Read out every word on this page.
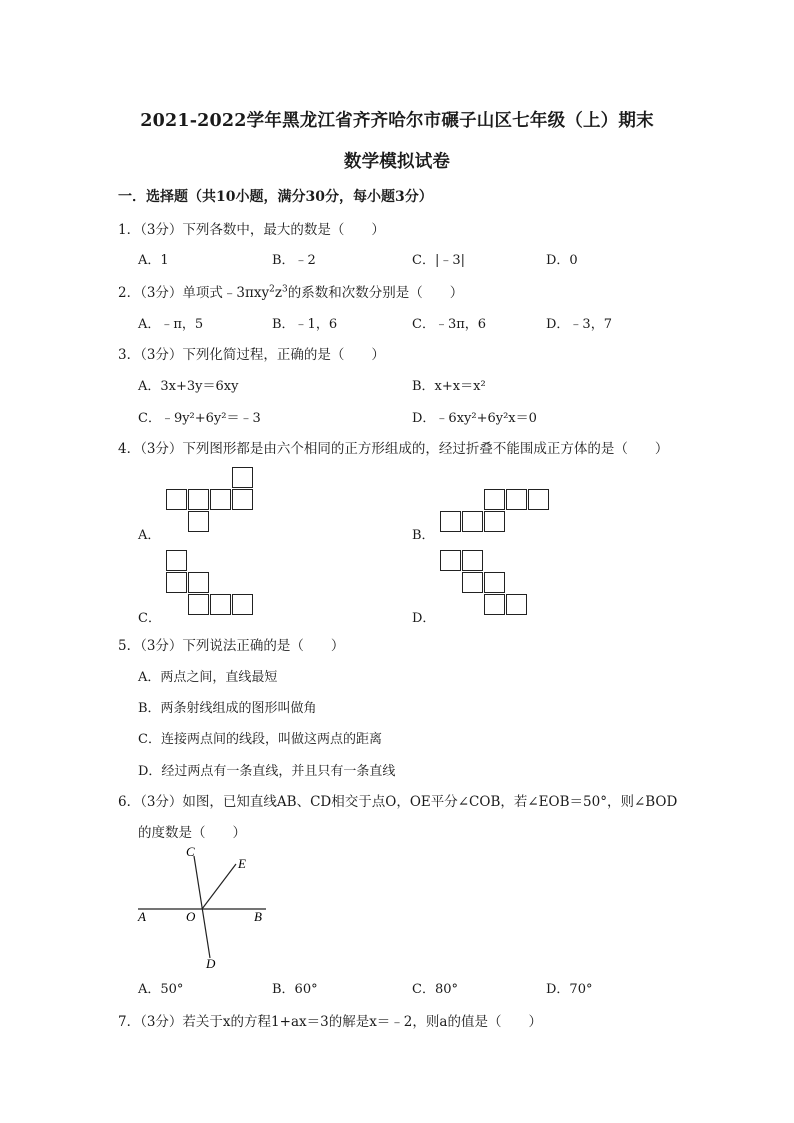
2021-2022学年黑龙江省齐齐哈尔市碾子山区七年级（上）期末
数学模拟试卷
一．选择题（共10小题，满分30分，每小题3分）
1．（3分）下列各数中，最大的数是（　　）
A．1	B．﹣2	C．|﹣3|	D．0
2．（3分）单项式$﹣3\pi xy^2z^3$的系数和次数分别是（　　）
A．﹣π，5	B．﹣1，6	C．﹣3π，6	D．﹣3，7
3．（3分）下列化简过程，正确的是（　　）
A．3x+3y＝6xy	B．x+x＝x²
C．﹣9y²+6y²＝﹣3	D．﹣6xy²+6y²x＝0
4．（3分）下列图形都是由六个相同的正方形组成的，经过折叠不能围成正方体的是（　　）
A．	B．
C．	D．
5．（3分）下列说法正确的是（　　）
A．两点之间，直线最短
B．两条射线组成的图形叫做角
C．连接两点间的线段，叫做这两点的距离
D．经过两点有一条直线，并且只有一条直线
6．（3分）如图，已知直线AB、CD相交于点O，OE平分∠COB，若∠EOB＝50°，则∠BOD
的度数是（　　）
C
E
A	O	B
D
A．50°	B．60°	C．80°	D．70°
7．（3分）若关于x的方程1+ax＝3的解是x＝﹣2，则a的值是（　　）
